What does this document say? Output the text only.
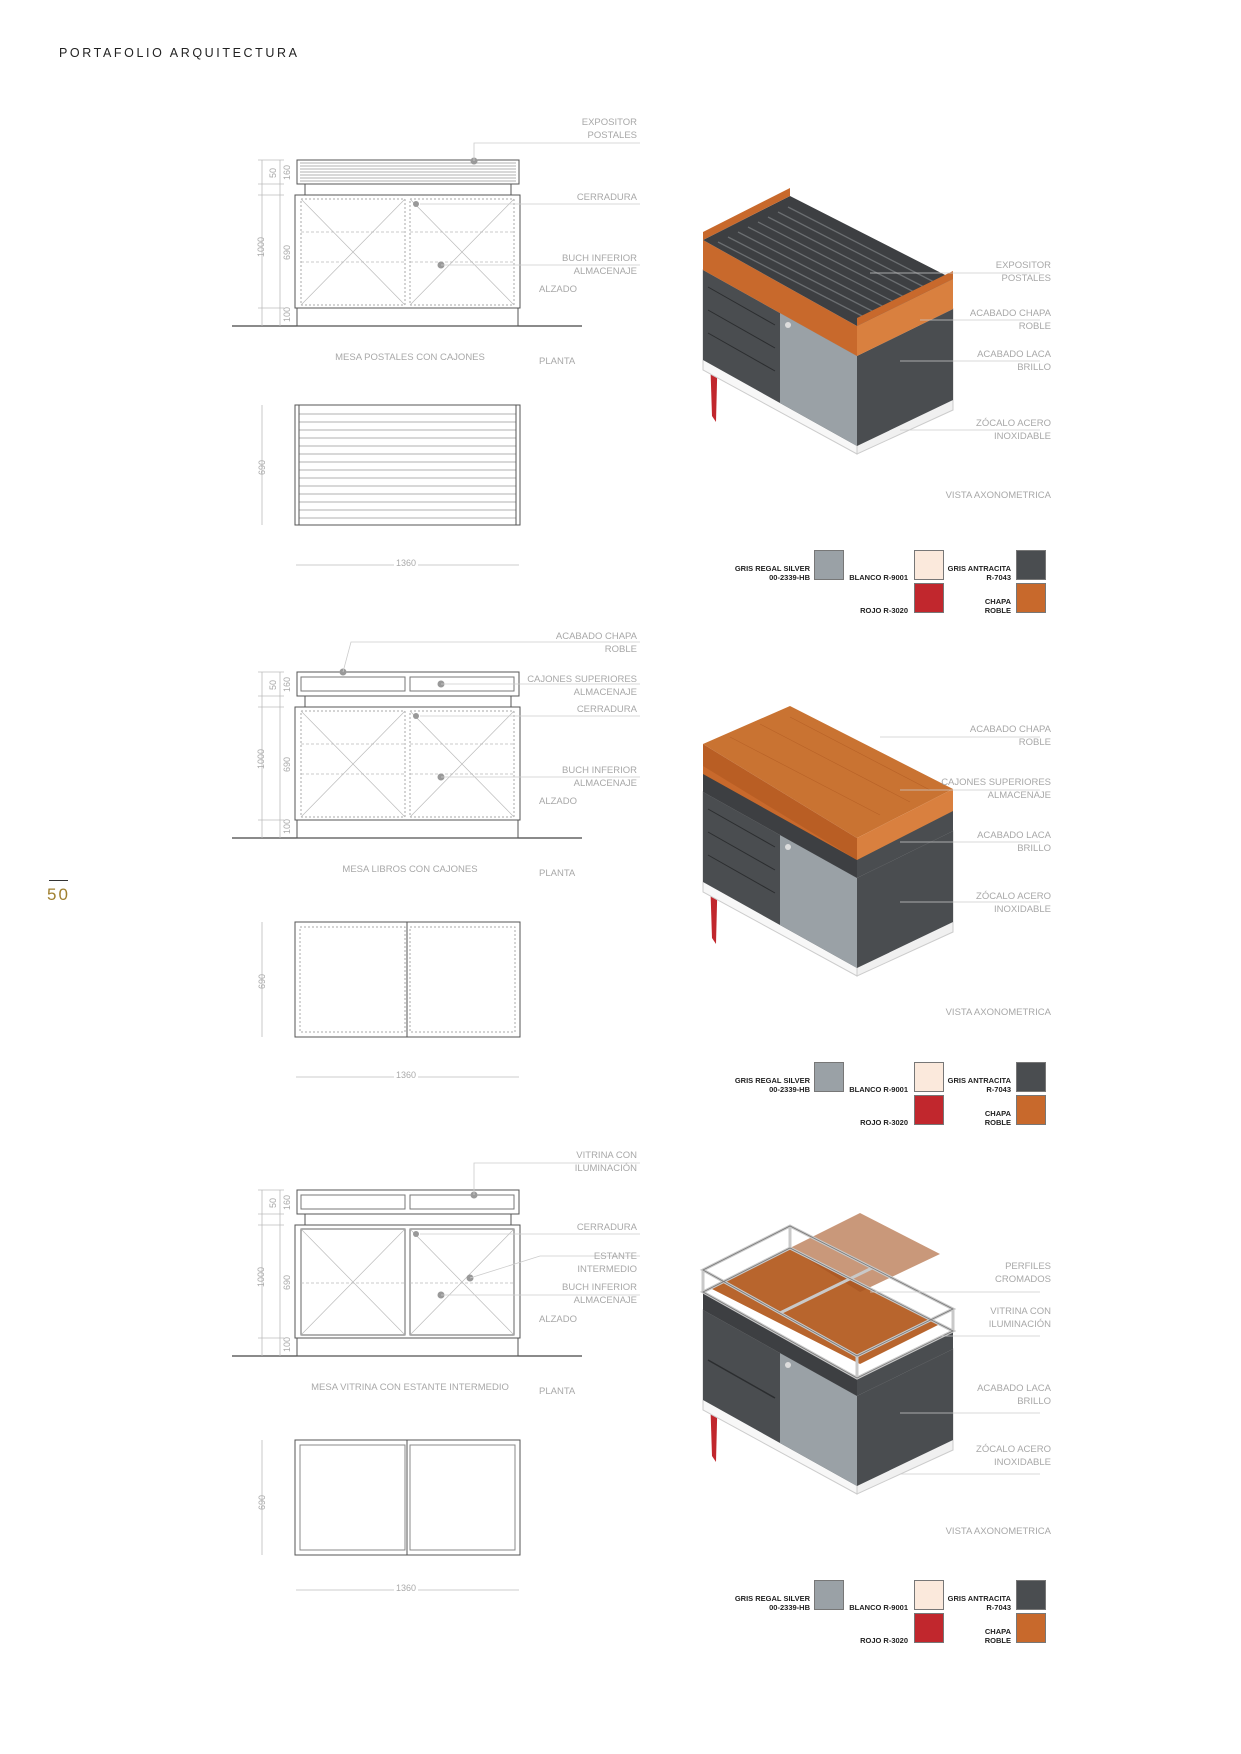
PORTAFOLIO ARQUITECTURA
50
1000 690
160
50
100
690
1360
EXPOSITOR
POSTALES
CERRADURA
BUCH INFERIOR
ALMACENAJE
ALZADO
MESA POSTALES CON CAJONES	PLANTA
EXPOSITOR
POSTALES
ACABADO CHAPA
ROBLE
ACABADO LACA
BRILLO
ZÓCALO ACERO
INOXIDABLE
VISTA AXONOMETRICA
GRIS REGAL SILVER
00-2339-HB	BLANCO R-9001
ROJO R-3020
GRIS ANTRACITA
R-7043
CHAPA
ROBLE
1000 690
160
50
100
690
1360
ACABADO CHAPA
ROBLE
CAJONES SUPERIORES
ALMACENAJE
CERRADURA
BUCH INFERIOR
ALMACENAJE
ALZADO
MESA LIBROS CON CAJONES	PLANTA
ACABADO CHAPA
ROBLE
CAJONES SUPERIORES
ALMACENAJE
ACABADO LACA
BRILLO
ZÓCALO ACERO
INOXIDABLE
VISTA AXONOMETRICA
GRIS REGAL SILVER
00-2339-HB	BLANCO R-9001
ROJO R-3020
GRIS ANTRACITA
R-7043
CHAPA
ROBLE
1000 690
160
50
100
690
1360
VITRINA CON
ILUMINACIÓN
CERRADURA
ESTANTE
INTERMEDIO
BUCH INFERIOR
ALMACENAJE
ALZADO
MESA VITRINA CON ESTANTE INTERMEDIO	PLANTA
PERFILES
CROMADOS
VITRINA CON
ILUMINACIÓN
ACABADO LACA
BRILLO
ZÓCALO ACERO
INOXIDABLE
VISTA AXONOMETRICA
GRIS REGAL SILVER
00-2339-HB	BLANCO R-9001
ROJO R-3020
GRIS ANTRACITA
R-7043
CHAPA
ROBLE
